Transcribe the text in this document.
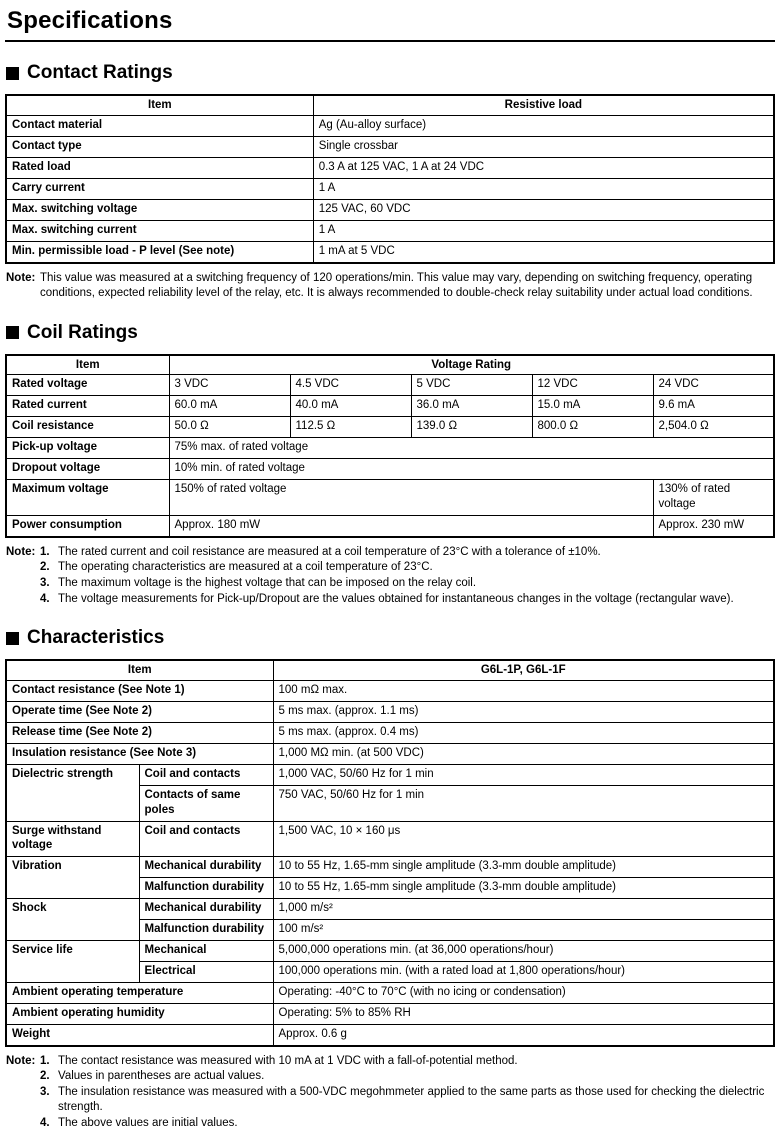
Specifications
Contact Ratings
Item	Resistive load
Contact material	Ag (Au-alloy surface)
Contact type	Single crossbar
Rated load	0.3 A at 125 VAC, 1 A at 24 VDC
Carry current	1 A
Max. switching voltage	125 VAC, 60 VDC
Max. switching current	1 A
Min. permissible load - P level (See note)	1 mA at 5 VDC
Note: This value was measured at a switching frequency of 120 operations/min. This value may vary, depending on switching frequency, operating conditions, expected reliability level of the relay, etc. It is always recommended to double-check relay suitability under actual load conditions.
Coil Ratings
Item	Voltage Rating				
Rated voltage	3 VDC	4.5 VDC	5 VDC	12 VDC	24 VDC
Rated current	60.0 mA	40.0 mA	36.0 mA	15.0 mA	9.6 mA
Coil resistance	50.0 Ω	112.5 Ω	139.0 Ω	800.0 Ω	2,504.0 Ω
Pick-up voltage	75% max. of rated voltage				
Dropout voltage	10% min. of rated voltage				
Maximum voltage	150% of rated voltage				130% of rated voltage
Power consumption	Approx. 180 mW				Approx. 230 mW
Note: 1. The rated current and coil resistance are measured at a coil temperature of 23°C with a tolerance of ±10%.
2. The operating characteristics are measured at a coil temperature of 23°C.
3. The maximum voltage is the highest voltage that can be imposed on the relay coil.
4. The voltage measurements for Pick-up/Dropout are the values obtained for instantaneous changes in the voltage (rectangular wave).
Characteristics
Item		G6L-1P, G6L-1F
Contact resistance (See Note 1)		100 mΩ max.
Operate time (See Note 2)		5 ms max. (approx. 1.1 ms)
Release time (See Note 2)		5 ms max. (approx. 0.4 ms)
Insulation resistance (See Note 3)		1,000 MΩ min. (at 500 VDC)
Dielectric strength	Coil and contacts	1,000 VAC, 50/60 Hz for 1 min
	Contacts of same poles	750 VAC, 50/60 Hz for 1 min
Surge withstand voltage	Coil and contacts	1,500 VAC, 10 × 160 μs
Vibration	Mechanical durability	10 to 55 Hz, 1.65-mm single amplitude (3.3-mm double amplitude)
	Malfunction durability	10 to 55 Hz, 1.65-mm single amplitude (3.3-mm double amplitude)
Shock	Mechanical durability	1,000 m/s²
	Malfunction durability	100 m/s²
Service life	Mechanical	5,000,000 operations min. (at 36,000 operations/hour)
	Electrical	100,000 operations min. (with a rated load at 1,800 operations/hour)
Ambient operating temperature		Operating: -40°C to 70°C (with no icing or condensation)
Ambient operating humidity		Operating: 5% to 85% RH
Weight		Approx. 0.6 g
Note: 1. The contact resistance was measured with 10 mA at 1 VDC with a fall-of-potential method.
2. Values in parentheses are actual values.
3. The insulation resistance was measured with a 500-VDC megohmmeter applied to the same parts as those used for checking the dielectric strength.
4. The above values are initial values.
